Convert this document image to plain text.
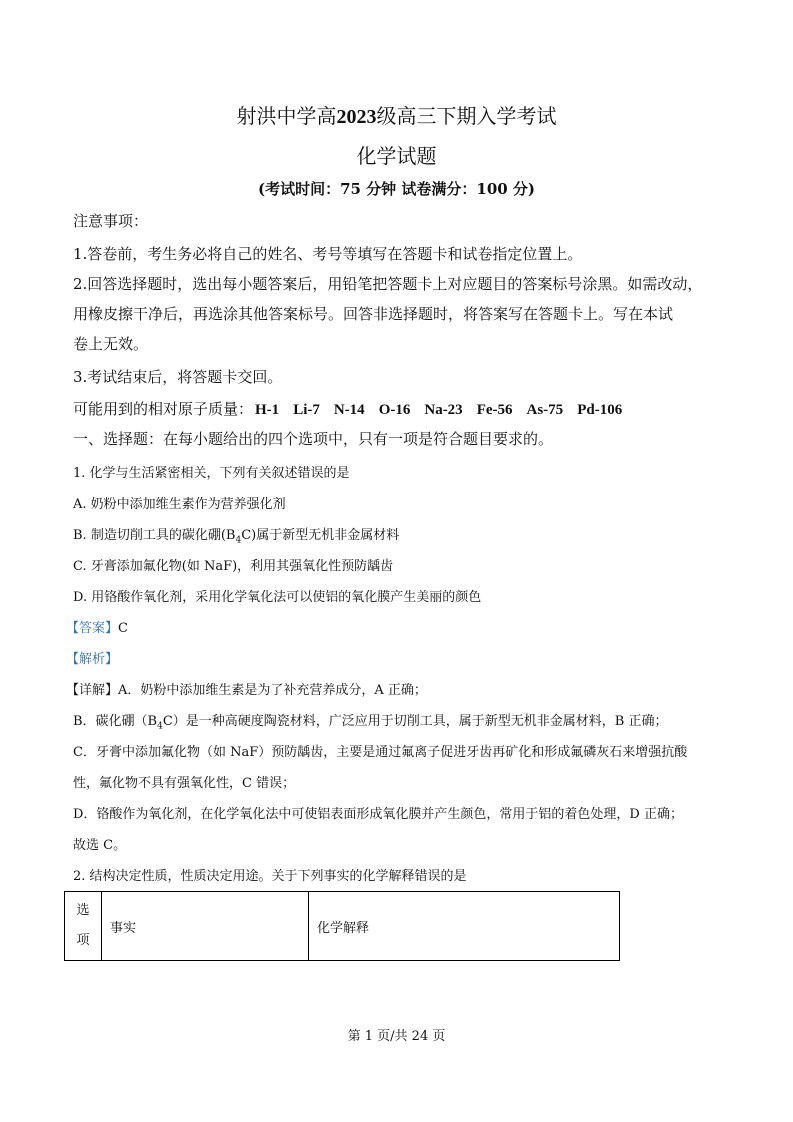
射洪中学高2023级高三下期入学考试
化学试题
(考试时间：75 分钟 试卷满分：100 分)
注意事项：
1.答卷前，考生务必将自己的姓名、考号等填写在答题卡和试卷指定位置上。
2.回答选择题时，选出每小题答案后，用铅笔把答题卡上对应题目的答案标号涂黑。如需改动，
用橡皮擦干净后，再选涂其他答案标号。回答非选择题时，将答案写在答题卡上。写在本试
卷上无效。
3.考试结束后，将答题卡交回。
可能用到的相对原子质量： H-1 Li-7 N-14 O-16 Na-23 Fe-56 As-75 Pd-106
一、选择题：在每小题给出的四个选项中，只有一项是符合题目要求的。
1. 化学与生活紧密相关，下列有关叙述错误的是
A. 奶粉中添加维生素作为营养强化剂
B. 制造切削工具的碳化硼$(B_4C)$属于新型无机非金属材料
C. 牙膏添加氟化物(如 NaF)，利用其强氧化性预防龋齿
D. 用铬酸作氧化剂，采用化学氧化法可以使铝的氧化膜产生美丽的颜色
【答案】C
【解析】
【详解】A．奶粉中添加维生素是为了补充营养成分，A 正确；
B．碳化硼$(B_4C)$是一种高硬度陶瓷材料，广泛应用于切削工具，属于新型无机非金属材料，B 正确；
C．牙膏中添加氟化物（如 NaF）预防龋齿，主要是通过氟离子促进牙齿再矿化和形成氟磷灰石来增强抗酸
性，氟化物不具有强氧化性，C 错误；
D．铬酸作为氧化剂，在化学氧化法中可使铝表面形成氧化膜并产生颜色，常用于铝的着色处理，D 正确；
故选 C。
2. 结构决定性质，性质决定用途。关于下列事实的化学解释错误的是
选
项	事实	化学解释
第 1 页/共 24 页
